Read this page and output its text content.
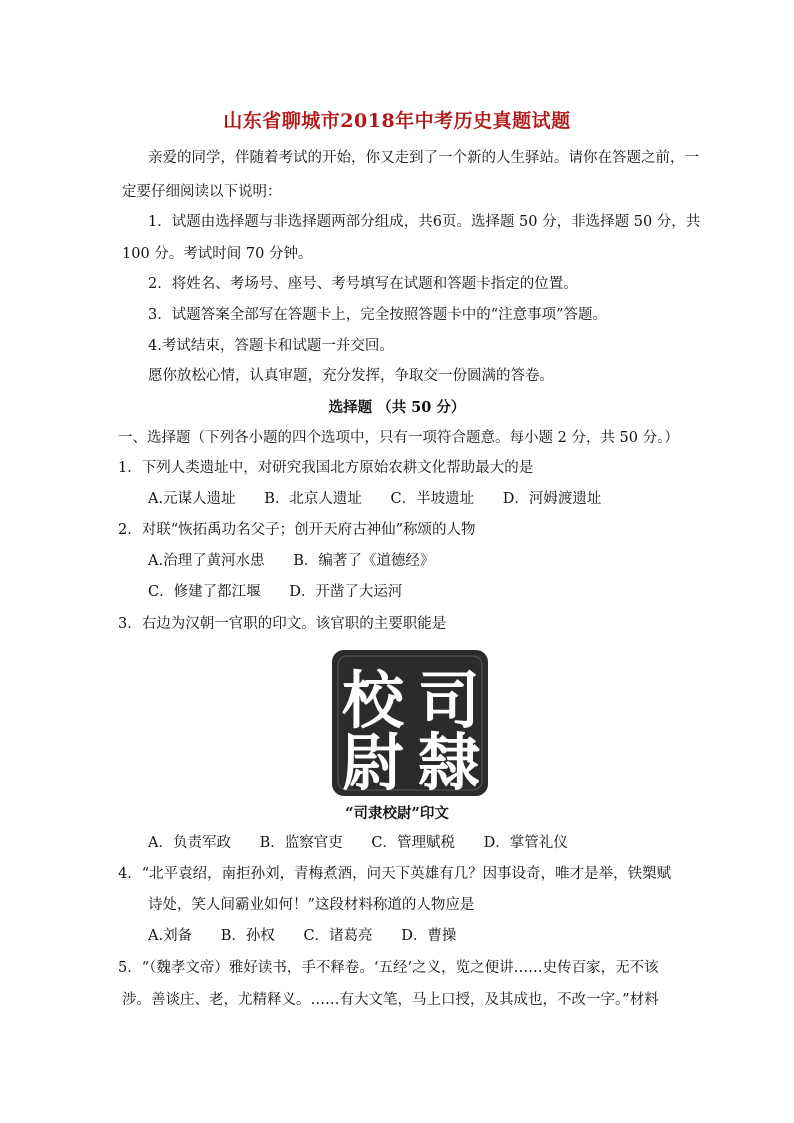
山东省聊城市2018年中考历史真题试题
亲爱的同学，伴随着考试的开始，你又走到了一个新的人生驿站。请你在答题之前，一
定要仔细阅读以下说明：
1．试题由选择题与非选择题两部分组成，共6页。选择题 50 分，非选择题 50 分，共
100 分。考试时间 70 分钟。
2．将姓名、考场号、座号、考号填写在试题和答题卡指定的位置。
3．试题答案全部写在答题卡上，完全按照答题卡中的“注意事项”答题。
4.考试结束，答题卡和试题一并交回。
愿你放松心情，认真审题，充分发挥，争取交一份圆满的答卷。
选择题 （共 50 分）
一、选择题（下列各小题的四个选项中，只有一项符合题意。每小题 2 分，共 50 分。）
1．下列人类遗址中，对研究我国北方原始农耕文化帮助最大的是
A.元谋人遗址 B．北京人遗址 C．半坡遗址 D．河姆渡遗址
2．对联“恢拓禹功名父子；创开天府古神仙”称颂的人物
A.治理了黄河水患 B．编著了《道德经》
C．修建了都江堰 D．开凿了大运河
3．右边为汉朝一官职的印文。该官职的主要职能是
司
隸
校
尉
“司隶校尉”印文
A．负责军政 B．监察官吏 C．管理赋税 D．掌管礼仪
4．“北平袁绍，南拒孙刘，青梅煮酒，问天下英雄有几？因事设奇，唯才是举，铁槊赋
诗处，笑人间霸业如何！”这段材料称道的人物应是
A.刘备 B．孙权 C．诸葛亮 D．曹操
5．“（魏孝文帝）雅好读书，手不释卷。‘五经’之义，览之便讲……史传百家，无不该
涉。善谈庄、老，尤精释义。……有大文笔，马上口授，及其成也，不改一字。”材料
